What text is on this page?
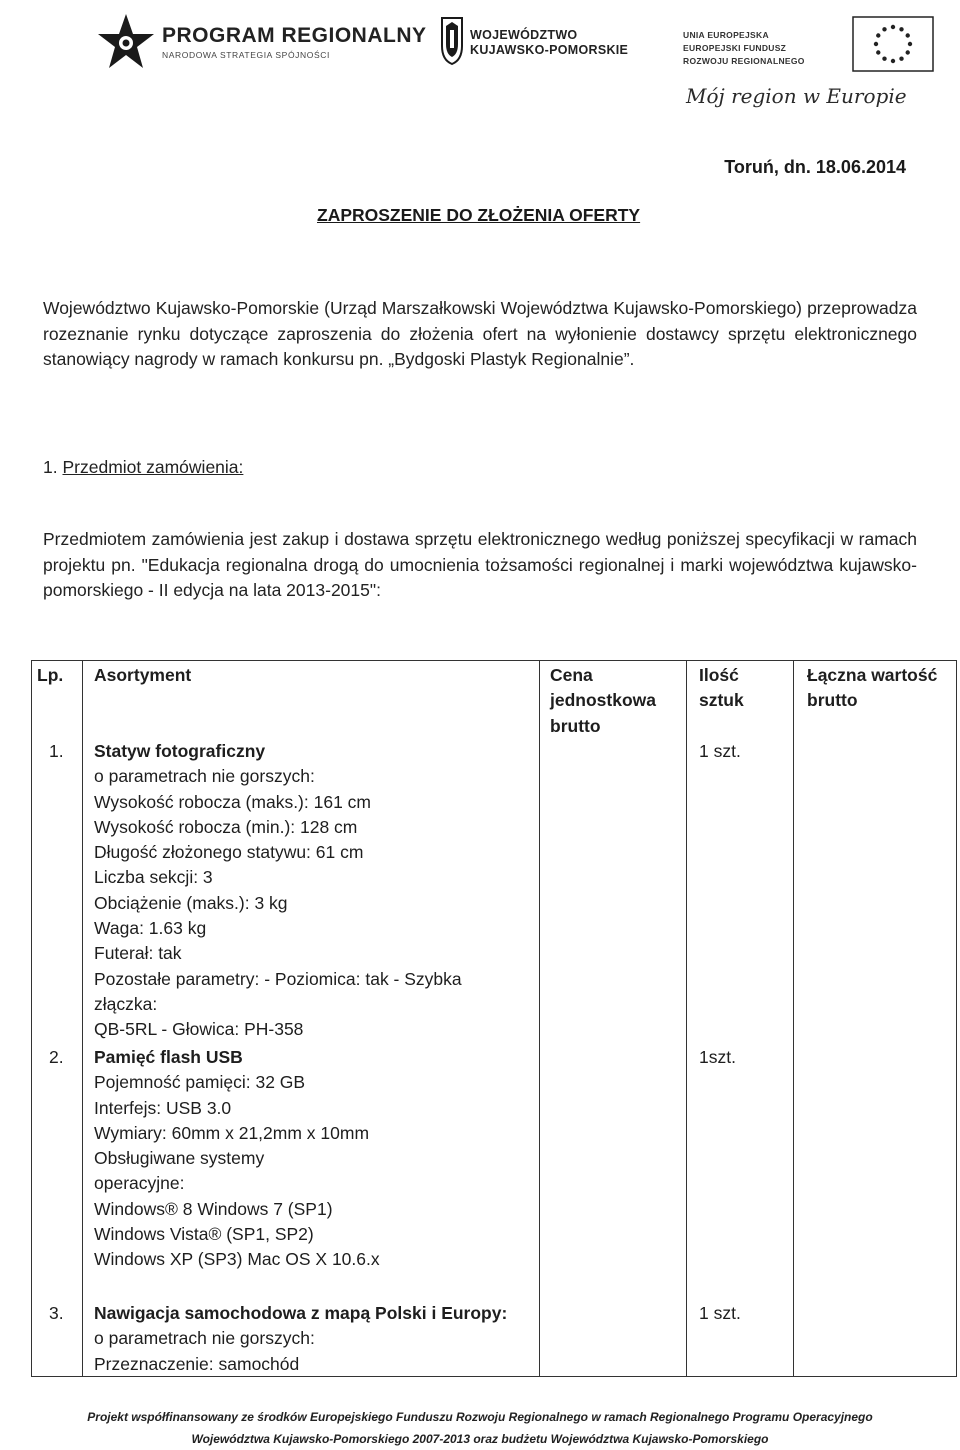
PROGRAM REGIONALNY
NARODOWA STRATEGIA SPÓJNOŚCI
WOJEWÓDZTWO
KUJAWSKO-POMORSKIE
UNIA EUROPEJSKA
EUROPEJSKI FUNDUSZ
ROZWOJU REGIONALNEGO
Mój region w Europie
Toruń, dn. 18.06.2014
ZAPROSZENIE DO ZŁOŻENIA OFERTY
Województwo Kujawsko-Pomorskie (Urząd Marszałkowski Województwa Kujawsko-Pomorskiego) przeprowadza rozeznanie rynku dotyczące zaproszenia do złożenia ofert na wyłonienie dostawcy sprzętu elektronicznego stanowiący nagrody w ramach konkursu pn. „Bydgoski Plastyk Regionalnie”.
1. Przedmiot zamówienia:
Przedmiotem zamówienia jest zakup i dostawa sprzętu elektronicznego według poniższej specyfikacji w ramach projektu pn. "Edukacja regionalna drogą do umocnienia tożsamości regionalnej i marki województwa kujawsko-pomorskiego - II edycja na lata 2013-2015":
Lp. Asortyment	Cena
jednostkowa
brutto
Ilość
sztuk
Łączna wartość
brutto
1. Statyw fotograficzny
o parametrach nie gorszych:
Wysokość robocza (maks.): 161 cm
Wysokość robocza (min.): 128 cm
Długość złożonego statywu: 61 cm
Liczba sekcji: 3
Obciążenie (maks.): 3 kg
Waga: 1.63 kg
Futerał: tak
Pozostałe parametry: - Poziomica: tak - Szybka
złączka:
QB-5RL - Głowica: PH-358
1 szt.
2. Pamięć flash USB
Pojemność pamięci: 32 GB
Interfejs: USB 3.0
Wymiary: 60mm x 21,2mm x 10mm
Obsługiwane systemy
operacyjne:
Windows® 8 Windows 7 (SP1)
Windows Vista® (SP1, SP2)
Windows XP (SP3) Mac OS X 10.6.x
1szt.
3. Nawigacja samochodowa z mapą Polski i Europy:
o parametrach nie gorszych:
Przeznaczenie: samochód
1 szt.
Projekt współfinansowany ze środków Europejskiego Funduszu Rozwoju Regionalnego w ramach Regionalnego Programu Operacyjnego
Województwa Kujawsko-Pomorskiego 2007-2013 oraz budżetu Województwa Kujawsko-Pomorskiego
